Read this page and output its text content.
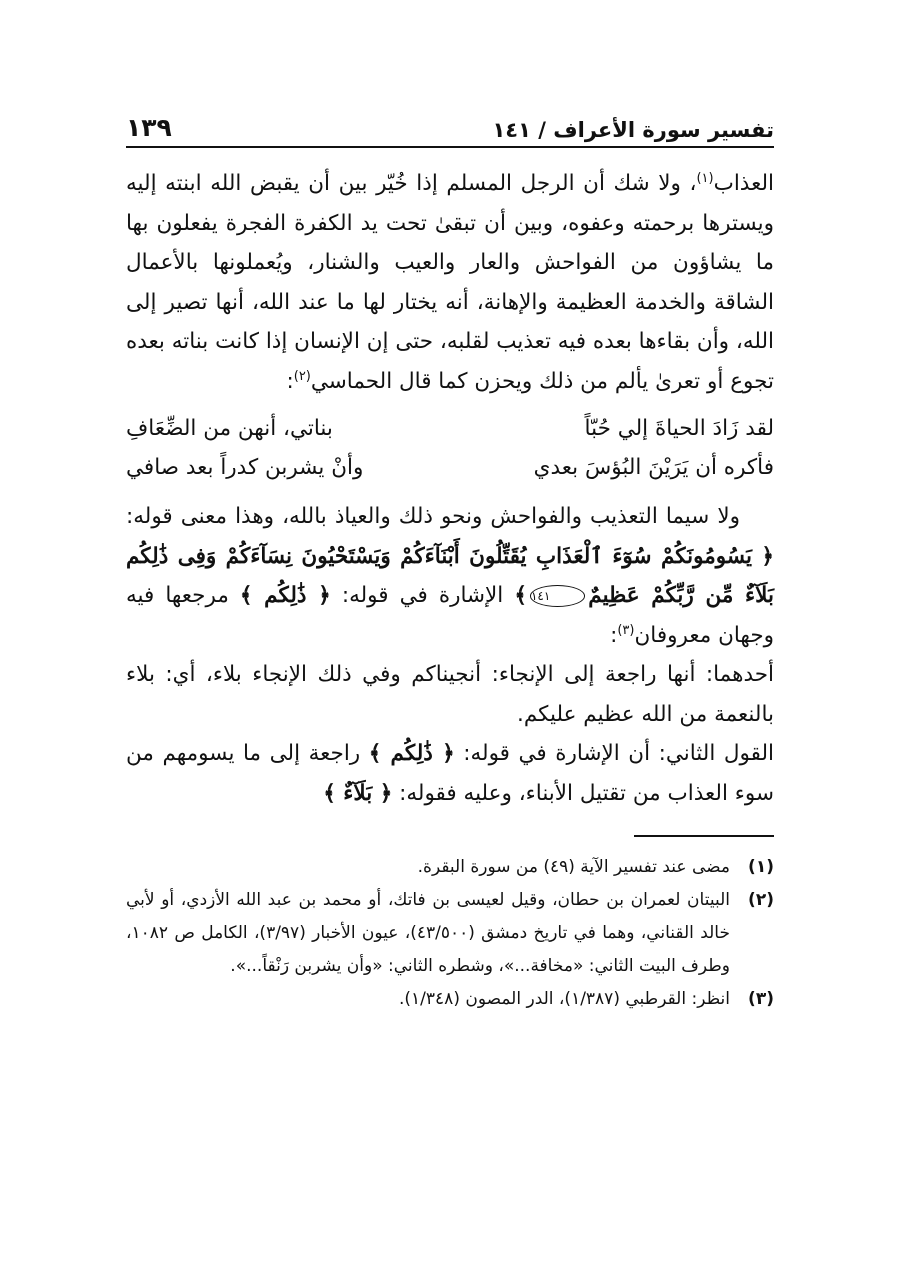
تفسير سورة الأعراف / ١٤١
١٣٩

العذاب$^{(١)}$، ولا شك أن الرجل المسلم إذا خُيّر بين أن يقبض الله ابنته إليه ويسترها برحمته وعفوه، وبين أن تبقىٰ تحت يد الكفرة الفجرة يفعلون بها ما يشاؤون من الفواحش والعار والعيب والشنار، ويُعملونها بالأعمال الشاقة والخدمة العظيمة والإهانة، أنه يختار لها ما عند الله، أنها تصير إلى الله، وأن بقاءها بعده فيه تعذيب لقلبه، حتى إن الإنسان إذا كانت بناته بعده تجوع أو تعرىٰ يألم من ذلك ويحزن كما قال الحماسي$^{(٢)}$:

لقد زَادَ الحياةَ إلي حُبّاً
بناتي، أنهن من الضِّعَافِ
فأكره أن يَرَيْنَ البُؤسَ بعدي
وأنْ يشربن كدراً بعد صافي

ولا سيما التعذيب والفواحش ونحو ذلك والعياذ بالله، وهذا معنى قوله: ﴿ يَسُومُونَكُمْ سُوٓءَ ٱلْعَذَابِ يُقَتِّلُونَ أَبْنَآءَكُمْ وَيَسْتَحْيُونَ نِسَآءَكُمْ وَفِى ذَٰلِكُم بَلَآءٌ مِّن رَّبِّكُمْ عَظِيمٌ١٤١﴾ الإشارة في قوله: ﴿ ذَٰلِكُم ﴾ مرجعها فيه وجهان معروفان$^{(٣)}$:

أحدهما: أنها راجعة إلى الإنجاء: أنجيناكم وفي ذلك الإنجاء بلاء، أي: بلاء بالنعمة من الله عظيم عليكم.

القول الثاني: أن الإشارة في قوله: ﴿ ذَٰلِكُم ﴾ راجعة إلى ما يسومهم من سوء العذاب من تقتيل الأبناء، وعليه فقوله: ﴿ بَلَآءٌ ﴾

(١)
مضى عند تفسير الآية (٤٩) من سورة البقرة.
(٢)
البيتان لعمران بن حطان، وقيل لعيسى بن فاتك، أو محمد بن عبد الله الأزدي، أو لأبي خالد القناني، وهما في تاريخ دمشق (٤٣/٥٠٠)، عيون الأخبار (٣/٩٧)، الكامل ص ١٠٨٢، وطرف البيت الثاني: «مخافة...»، وشطره الثاني: «وأن يشربن رَنْقاً...».
(٣)
انظر: القرطبي (١/٣٨٧)، الدر المصون (١/٣٤٨).
